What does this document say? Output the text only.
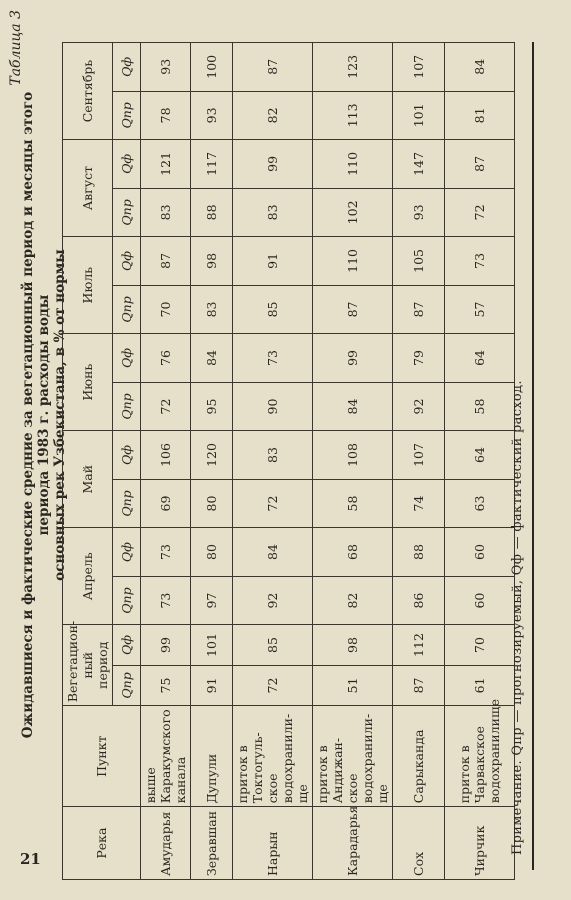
21
Таблица 3
Ожидавшиеся и фактические средние за вегетационный период и месяцы этого периода 1983 г. расходы воды основных рек Узбекистана, в % от нормы
Река	Пункт	Вегетацион-ный период		Апрель		Май		Июнь		Июль		Август		Сентябрь	
		Qпр	Qф	Qпр	Qф	Qпр	Qф	Qпр	Qф	Qпр	Qф	Qпр	Qф	Qпр	Qф
Амударья	выше Каракумского канала	75	99	73	73	69	106	72	76	70	87	83	121	78	93
Зеравшан	Дупули	91	101	97	80	80	120	95	84	83	98	88	117	93	100
Нарын	приток в Токтогуль-ское водохранили-ще	72	85	92	84	72	83	90	73	85	91	83	99	82	87
Карадарья	приток в Андижан-ское водохранили-ще	51	98	82	68	58	108	84	99	87	110	102	110	113	123
Сох	Сарыканда	87	112	86	88	74	107	92	79	87	105	93	147	101	107
Чирчик	приток в Чарвакское водохранилище	61	70	60	60	63	64	58	64	57	73	72	87	81	84
Примечание. Qпр — прогнозируемый, Qф — фактический расход.
